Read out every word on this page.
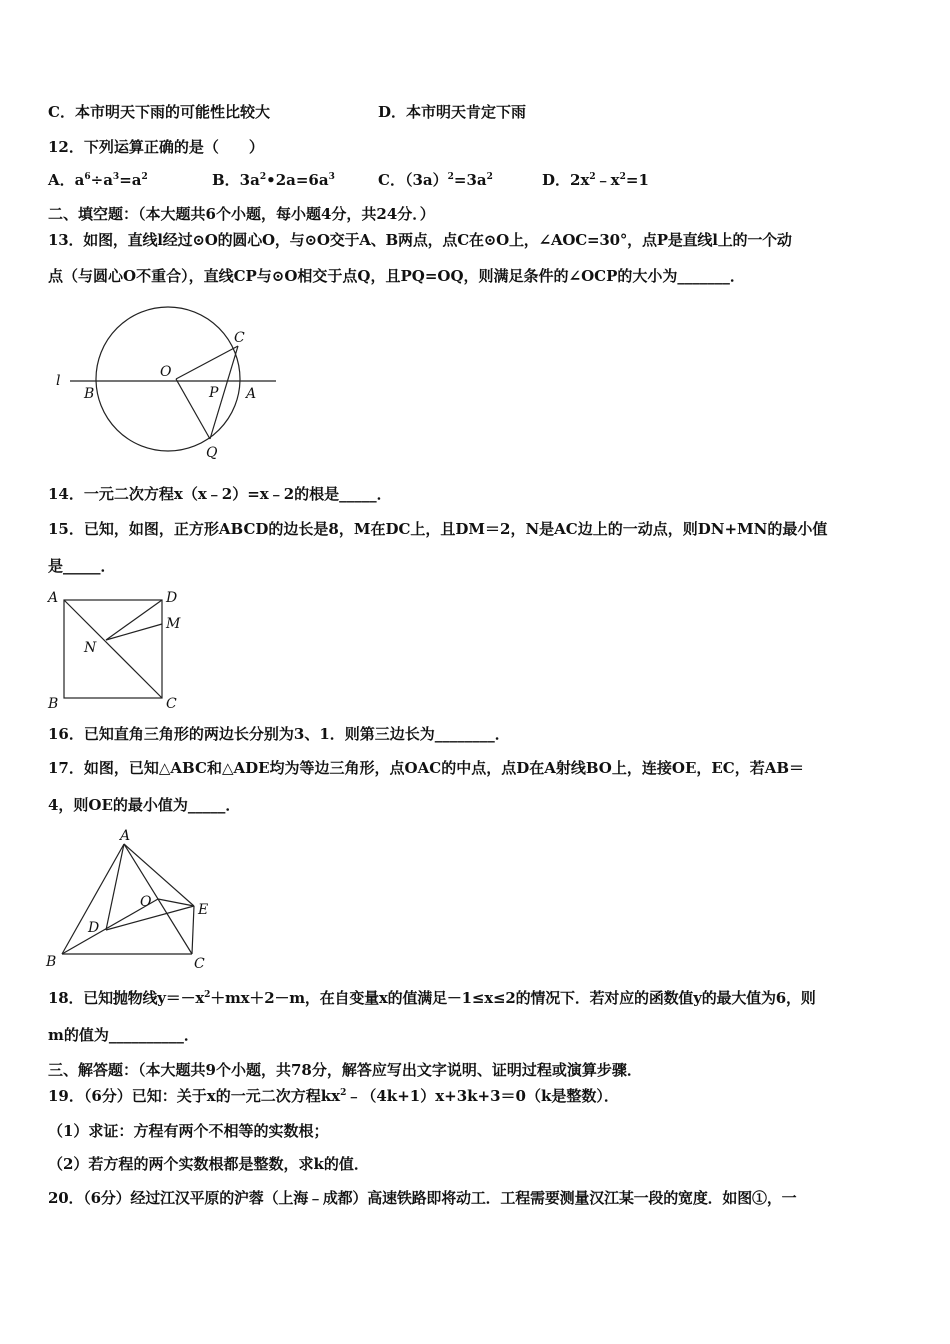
C．本市明天下雨的可能性比较大	D．本市明天肯定下雨
12．下列运算正确的是（　　）
A．$a^6\div a^3=a^2$	B．$3a^2•2a=6a^3$	C．$(3a)^2=3a^2$	D．$2x^2﹣x^2=1$
二、填空题：（本大题共6个小题，每小题4分，共24分．）
13．如图，直线l经过⊙O的圆心O，与⊙O交于A、B两点，点C在⊙O上，∠AOC=30°，点P是直线l上的一个动
点（与圆心O不重合），直线CP与⊙O相交于点Q，且PQ=OQ，则满足条件的∠OCP的大小为_______．
l
B
O
P A
C
Q
14．一元二次方程x（x﹣2）=x﹣2的根是_____．
15．已知，如图，正方形ABCD的边长是8，M在DC上，且DM＝2，N是AC边上的一动点，则DN+MN的最小值
是_____．
A	D
M
N
B	C
16．已知直角三角形的两边长分别为3、1．则第三边长为________．
17．如图，已知△ABC和△ADE均为等边三角形，点OAC的中点，点D在A射线BO上，连接OE，EC，若AB＝
4，则OE的最小值为_____．
A
O	E
D
B	C
18．已知抛物线$y=-x^2+mx+2-m$，在自变量x的值满足－1≤x≤2的情况下．若对应的函数值y的最大值为6，则
m的值为__________．
三、解答题：（本大题共9个小题，共78分，解答应写出文字说明、证明过程或演算步骤．
19．（6分）已知：关于x的一元二次方程$kx^2﹣(4k+1)x+3k+3=0(k$是整数）．
（1）求证：方程有两个不相等的实数根；
（2）若方程的两个实数根都是整数，求k的值．
20．（6分）经过江汉平原的沪蓉（上海﹣成都）高速铁路即将动工．工程需要测量汉江某一段的宽度．如图①，一
